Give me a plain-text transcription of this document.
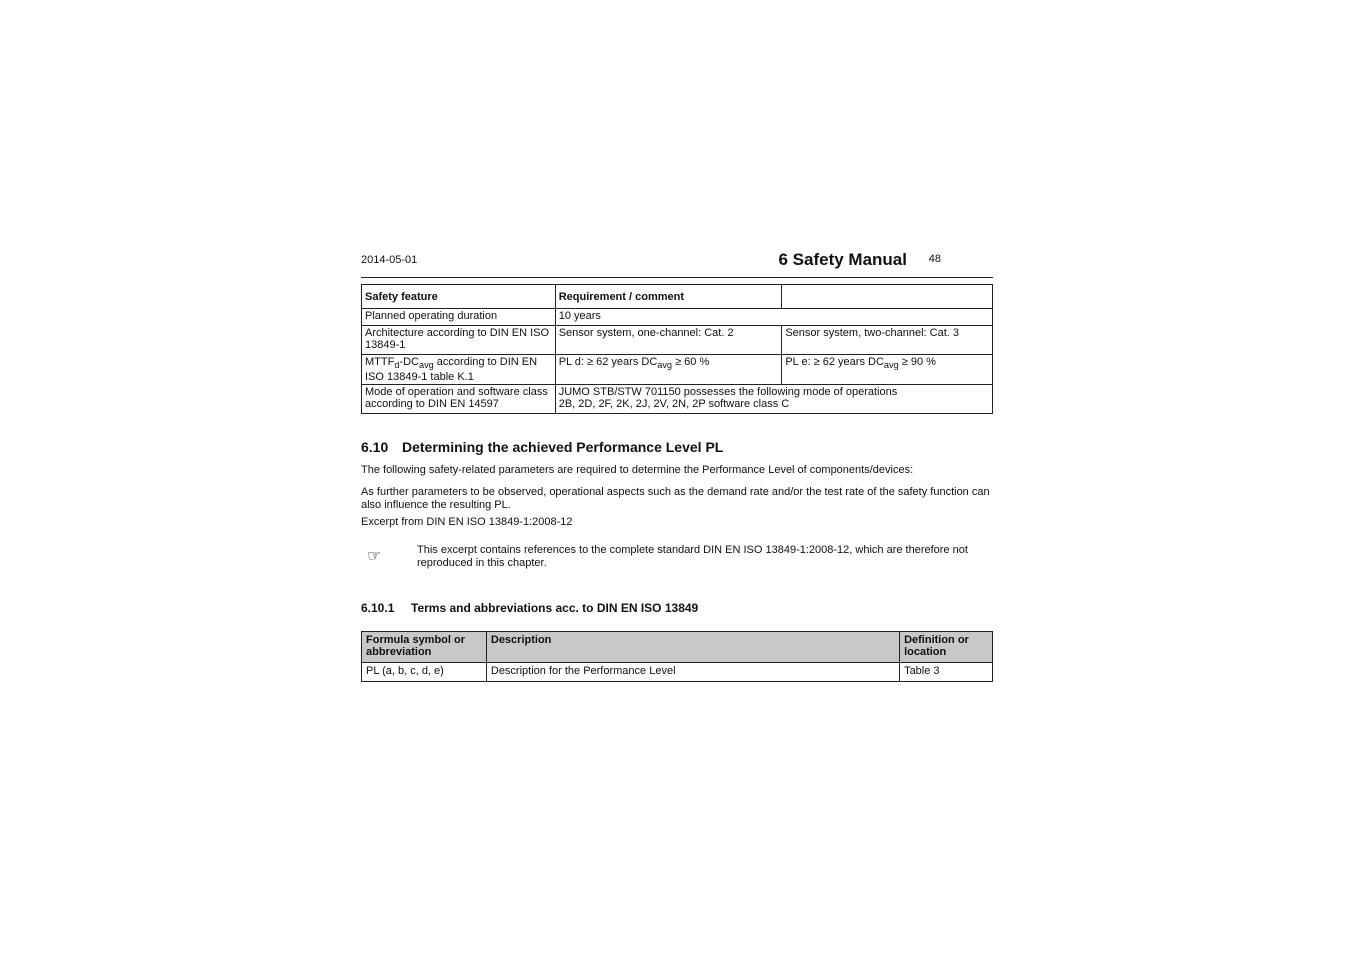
2014-05-01	6 Safety Manual 48
Safety feature	Requirement / comment	
Planned operating duration	10 years	
Architecture according to DIN EN ISO 13849-1	Sensor system, one-channel: Cat. 2	Sensor system, two-channel: Cat. 3
$MTTF_d-DC_{avg}$ according to DIN EN ISO 13849-1 table K.1	PL d: ≥ 62 years $DC_{avg} \ge 60$ %	PL e: ≥ 62 years $DC_{avg} \ge 90$ %
Mode of operation and software class according to DIN EN 14597	JUMO STB/STW 701150 possesses the following mode of operations
2B, 2D, 2F, 2K, 2J, 2V, 2N, 2P software class C	
6.10 Determining the achieved Performance Level PL

The following safety-related parameters are required to determine the Performance Level of components/devices:

As further parameters to be observed, operational aspects such as the demand rate and/or the test rate of the safety function can also influence the resulting PL.

Excerpt from DIN EN ISO 13849-1:2008-12

☞	This excerpt contains references to the complete standard DIN EN ISO 13849-1:2008-12, which are therefore not reproduced in this chapter.
6.10.1 Terms and abbreviations acc. to DIN EN ISO 13849
Formula symbol or abbreviation	Description	Definition or location
PL (a, b, c, d, e)	Description for the Performance Level	Table 3
